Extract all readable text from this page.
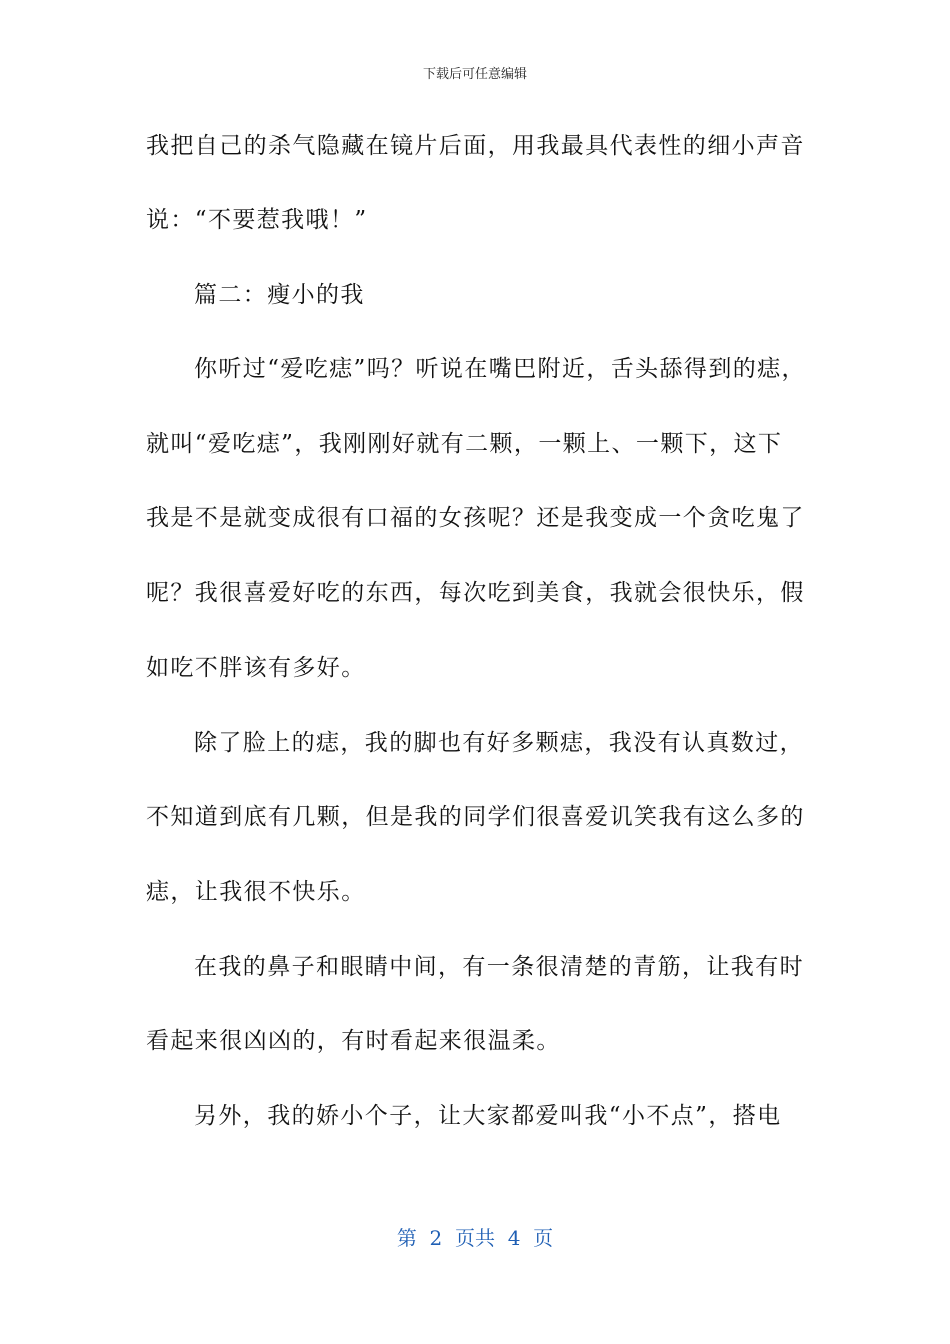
下载后可任意编辑
我把自己的杀气隐藏在镜片后面，用我最具代表性的细小声音
说：“不要惹我哦！”
篇二：瘦小的我
你听过“爱吃痣”吗？听说在嘴巴附近，舌头舔得到的痣，
就叫“爱吃痣”，我刚刚好就有二颗，一颗上、一颗下，这下
我是不是就变成很有口福的女孩呢？还是我变成一个贪吃鬼了
呢？我很喜爱好吃的东西，每次吃到美食，我就会很快乐，假
如吃不胖该有多好。
除了脸上的痣，我的脚也有好多颗痣，我没有认真数过，
不知道到底有几颗，但是我的同学们很喜爱讥笑我有这么多的
痣，让我很不快乐。
在我的鼻子和眼睛中间，有一条很清楚的青筋，让我有时
看起来很凶凶的，有时看起来很温柔。
另外，我的娇小个子，让大家都爱叫我“小不点”，搭电
第  2  页共  4  页
